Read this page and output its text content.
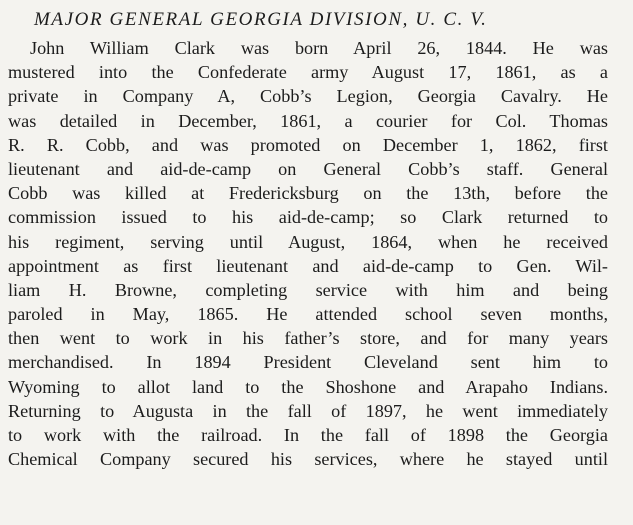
MAJOR GENERAL GEORGIA DIVISION, U. C. V.
John William Clark was born April 26, 1844. He was
mustered into the Confederate army August 17, 1861, as a
private in Company A, Cobb’s Legion, Georgia Cavalry. He
was detailed in December, 1861, a courier for Col. Thomas
R. R. Cobb, and was promoted on December 1, 1862, first
lieutenant and aid-de-camp on General Cobb’s staff. General
Cobb was killed at Fredericksburg on the 13th, before the
commission issued to his aid-de-camp; so Clark returned to
his regiment, serving until August, 1864, when he received
appointment as first lieutenant and aid-de-camp to Gen. Wil-
liam H. Browne, completing service with him and being
paroled in May, 1865. He attended school seven months,
then went to work in his father’s store, and for many years
merchandised. In 1894 President Cleveland sent him to
Wyoming to allot land to the Shoshone and Arapaho Indians.
Returning to Augusta in the fall of 1897, he went immediately
to work with the railroad. In the fall of 1898 the Georgia
Chemical Company secured his services, where he stayed until
